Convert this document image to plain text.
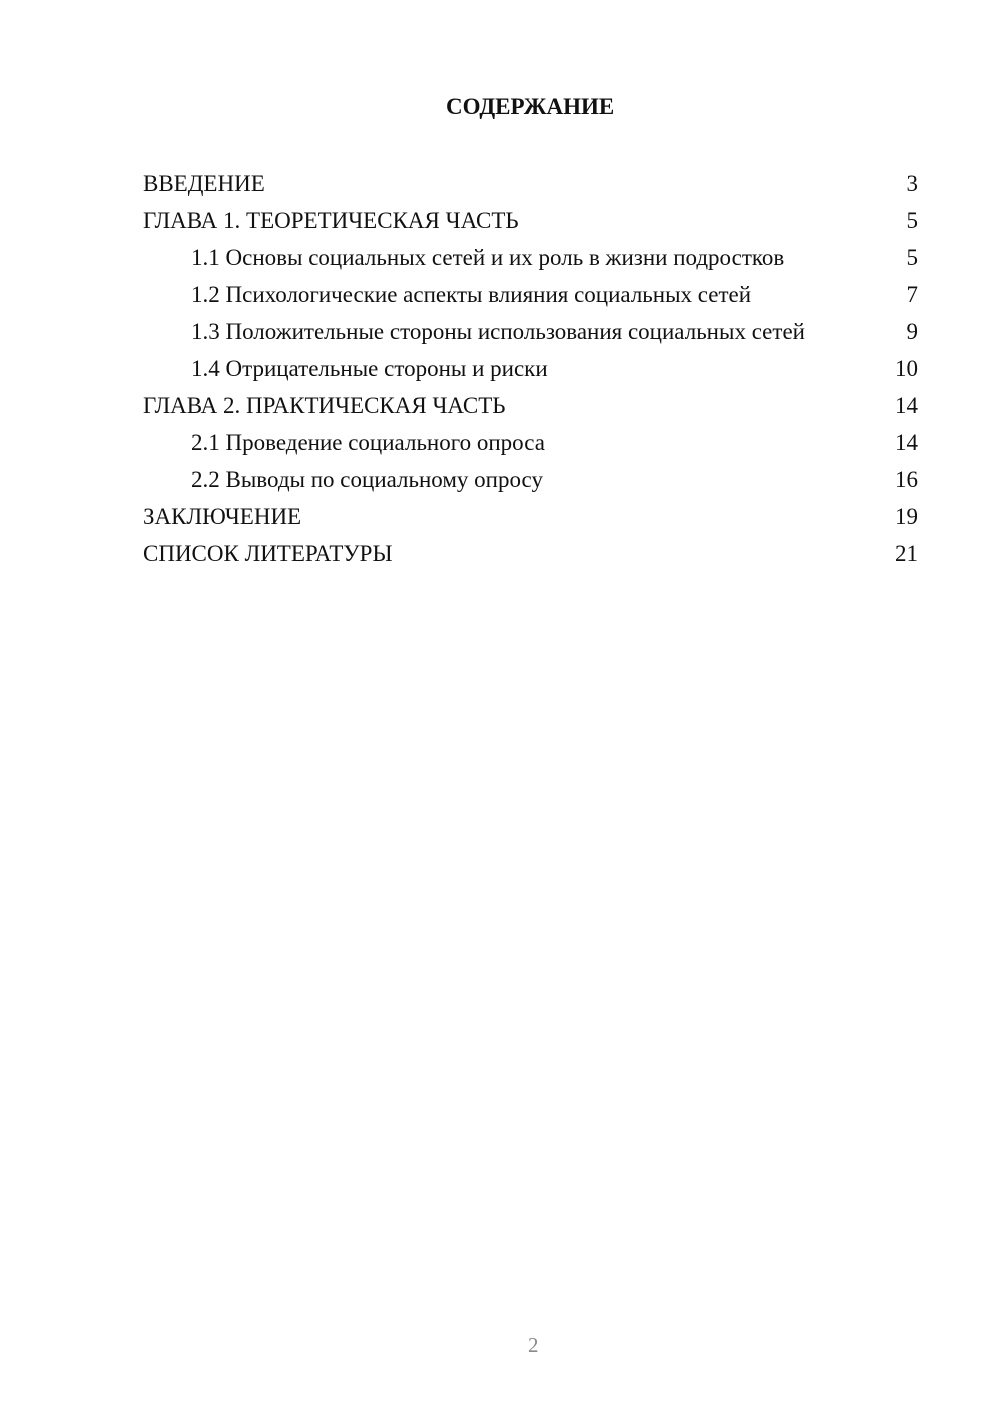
СОДЕРЖАНИЕ
ВВЕДЕНИЕ	3
ГЛАВА 1. ТЕОРЕТИЧЕСКАЯ ЧАСТЬ	5
1.1 Основы социальных сетей и их роль в жизни подростков	5
1.2 Психологические аспекты влияния социальных сетей	7
1.3 Положительные стороны использования социальных сетей	9
1.4 Отрицательные стороны и риски	10
ГЛАВА 2. ПРАКТИЧЕСКАЯ ЧАСТЬ	14
2.1 Проведение социального опроса	14
2.2 Выводы по социальному опросу	16
ЗАКЛЮЧЕНИЕ	19
СПИСОК ЛИТЕРАТУРЫ	21
2
